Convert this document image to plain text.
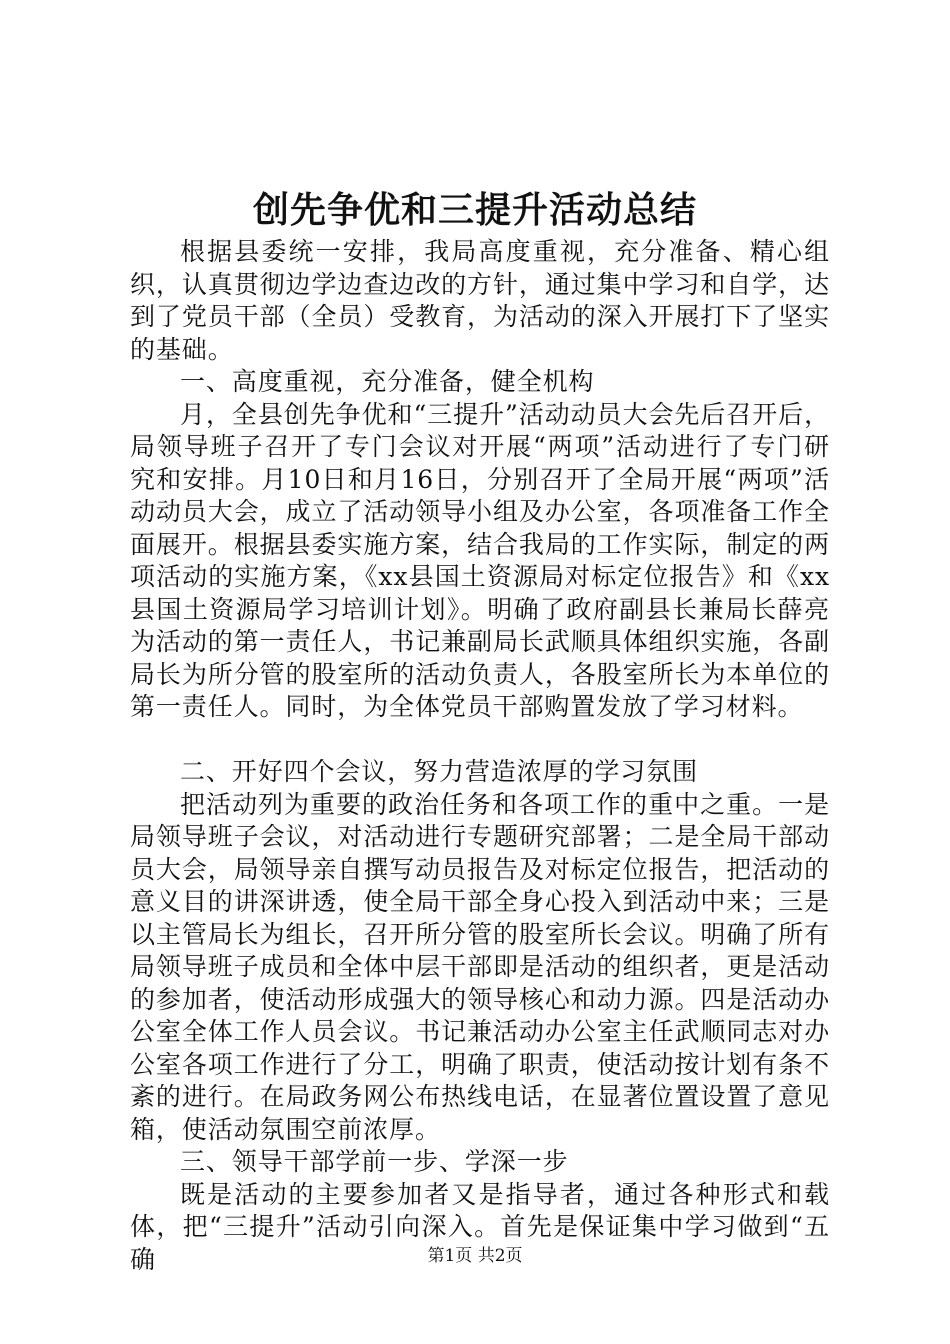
创先争优和三提升活动总结

根据县委统一安排，我局高度重视，充分准备、精心组织，认真贯彻边学边查边改的方针，通过集中学习和自学，达到了党员干部（全员）受教育，为活动的深入开展打下了坚实的基础。

一、高度重视，充分准备，健全机构

月，全县创先争优和“三提升”活动动员大会先后召开后，局领导班子召开了专门会议对开展“两项”活动进行了专门研究和安排。月10日和月16日，分别召开了全局开展“两项”活动动员大会，成立了活动领导小组及办公室，各项准备工作全面展开。根据县委实施方案，结合我局的工作实际，制定的两项活动的实施方案，《xx县国土资源局对标定位报告》和《xx县国土资源局学习培训计划》。明确了政府副县长兼局长薛亮为活动的第一责任人，书记兼副局长武顺具体组织实施，各副局长为所分管的股室所的活动负责人，各股室所长为本单位的第一责任人。同时，为全体党员干部购置发放了学习材料。

二、开好四个会议，努力营造浓厚的学习氛围

把活动列为重要的政治任务和各项工作的重中之重。一是局领导班子会议，对活动进行专题研究部署；二是全局干部动员大会，局领导亲自撰写动员报告及对标定位报告，把活动的意义目的讲深讲透，使全局干部全身心投入到活动中来；三是以主管局长为组长，召开所分管的股室所长会议。明确了所有局领导班子成员和全体中层干部即是活动的组织者，更是活动的参加者，使活动形成强大的领导核心和动力源。四是活动办公室全体工作人员会议。书记兼活动办公室主任武顺同志对办公室各项工作进行了分工，明确了职责，使活动按计划有条不紊的进行。在局政务网公布热线电话，在显著位置设置了意见箱，使活动氛围空前浓厚。

三、领导干部学前一步、学深一步

既是活动的主要参加者又是指导者，通过各种形式和载体，把“三提升”活动引向深入。首先是保证集中学习做到“五确	第1页 共2页
